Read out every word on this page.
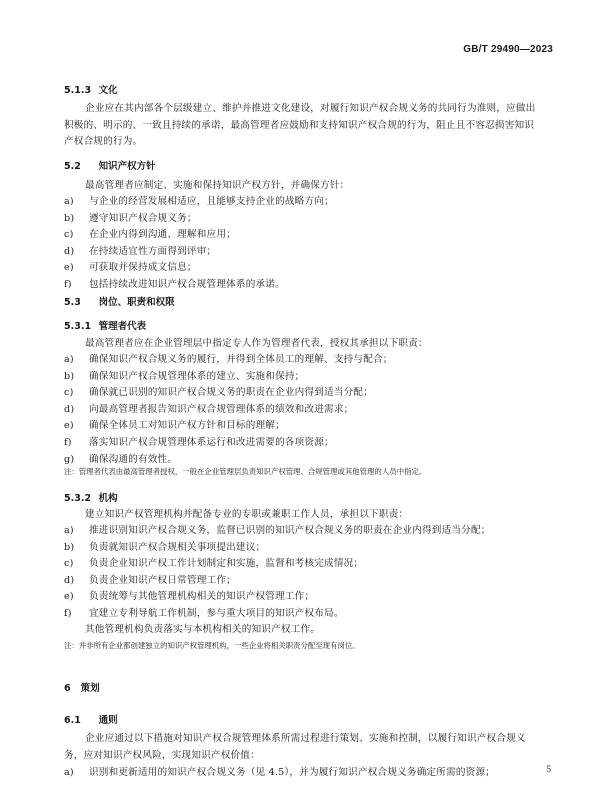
GB/T 29490—2023
5.1.3 文化
企业应在其内部各个层级建立、维护并推进文化建设，对履行知识产权合规义务的共同行为准则，应做出积极的、明示的、一致且持续的承诺，最高管理者应鼓励和支持知识产权合规的行为，阻止且不容忍损害知识产权合规的行为。
5.2 知识产权方针
最高管理者应制定、实施和保持知识产权方针，并确保方针：
a) 与企业的经营发展相适应，且能够支持企业的战略方向；
b) 遵守知识产权合规义务；
c) 在企业内得到沟通、理解和应用；
d) 在持续适宜性方面得到评审；
e) 可获取并保持成文信息；
f) 包括持续改进知识产权合规管理体系的承诺。
5.3 岗位、职责和权限
5.3.1 管理者代表
最高管理者应在企业管理层中指定专人作为管理者代表，授权其承担以下职责：
a) 确保知识产权合规义务的履行，并得到全体员工的理解、支持与配合；
b) 确保知识产权合规管理体系的建立、实施和保持；
c) 确保就已识别的知识产权合规义务的职责在企业内得到适当分配；
d) 向最高管理者报告知识产权合规管理体系的绩效和改进需求；
e) 确保全体员工对知识产权方针和目标的理解；
f) 落实知识产权合规管理体系运行和改进需要的各项资源；
g) 确保沟通的有效性。
注：管理者代表由最高管理者授权，一般在企业管理层负责知识产权管理、合规管理或其他管理的人员中指定。
5.3.2 机构
建立知识产权管理机构并配备专业的专职或兼职工作人员，承担以下职责：
a) 推进识别知识产权合规义务，监督已识别的知识产权合规义务的职责在企业内得到适当分配；
b) 负责就知识产权合规相关事项提出建议；
c) 负责企业知识产权工作计划制定和实施，监督和考核完成情况；
d) 负责企业知识产权日常管理工作；
e) 负责统筹与其他管理机构相关的知识产权管理工作；
f) 宜建立专利导航工作机制，参与重大项目的知识产权布局。
其他管理机构负责落实与本机构相关的知识产权工作。
注：并非所有企业都创建独立的知识产权管理机构，一些企业将相关职责分配至现有岗位。
6 策划
6.1 通则
企业应通过以下措施对知识产权合规管理体系所需过程进行策划、实施和控制，以履行知识产权合规义务，应对知识产权风险，实现知识产权价值：
a) 识别和更新适用的知识产权合规义务（见 4.5），并为履行知识产权合规义务确定所需的资源；	5
